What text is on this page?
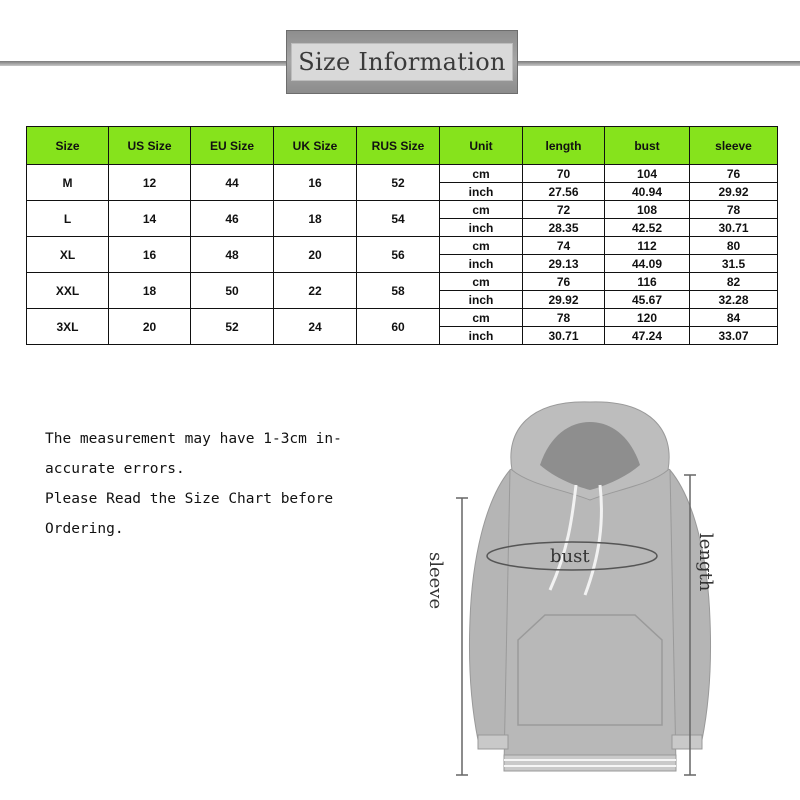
Size Information
Size	US Size	EU Size	UK Size	RUS Size	Unit	length	bust	sleeve
M	12	44	16	52	cm	70	104	76
					inch	27.56	40.94	29.92
L	14	46	18	54	cm	72	108	78
					inch	28.35	42.52	30.71
XL	16	48	20	56	cm	74	112	80
					inch	29.13	44.09	31.5
XXL	18	50	22	58	cm	76	116	82
					inch	29.92	45.67	32.28
3XL	20	52	24	60	cm	78	120	84
					inch	30.71	47.24	33.07
The measurement may have 1-3cm in-
accurate errors.
Please Read the Size Chart before
Ordering.
bust
sleeve	length
